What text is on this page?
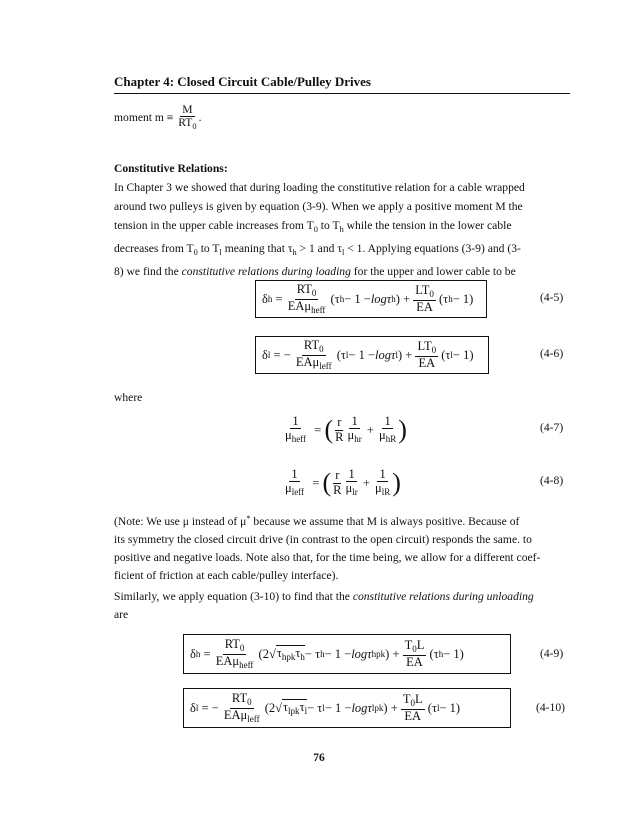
Chapter 4: Closed Circuit Cable/Pulley Drives
moment m ≡
$\frac{M}{RT_0}$ .
Constitutive Relations:
In Chapter 3 we showed that during loading the constitutive relation for a cable wrapped
around two pulleys is given by equation (3-9). When we apply a positive moment M the
tension in the upper cable increases from $T_0$ to $T_h$ while the tension in the lower cable
decreases from $T_0$ to $T_l$ meaning that $\tau_h > 1$ and $\tau_l < 1$. Applying equations (3-9) and (3-
8) we find the constitutive relations during loading for the upper and lower cable to be
δ h
=
$\frac{RT_0}{EA\mu_{heff}}$
(τ h − 1 − logτ h ) +
$\frac{LT_0}{EA}$
(τ h − 1)	(4-5)
δ l
= −
$\frac{RT_0}{EA\mu_{leff}}$
(τ l − 1 − logτ l ) +
$\frac{LT_0}{EA}$
(τ l − 1)	(4-6)
where
$\frac{1}{\mu_{heff}}$
=
( $\frac{r}{R} \frac{1}{\mu_{hr}}$
+
$\frac{1}{\mu_{hR}}$ )	(4-7)
$\frac{1}{\mu_{leff}}$
=
( $\frac{r}{R} \frac{1}{\mu_{lr}}$
+
$\frac{1}{\mu_{lR}}$ )	(4-8)
(Note: We use μ instead of μ* because we assume that M is always positive. Because of
its symmetry the closed circuit drive (in contrast to the open circuit) responds the same. to
positive and negative loads. Note also that, for the time being, we allow for a different coef-
ficient of friction at each cable/pulley interface).
Similarly, we apply equation (3-10) to find that the constitutive relations during unloading
are
δ h
=
$\frac{RT_0}{EA\mu_{heff}}$
(2 √ $\tau_{hpk}\tau_h - \tau$ h − 1 − logτ hpk ) +
$\frac{T_0L}{EA}$
(τ h − 1)	(4-9)
δ l
= −
$\frac{RT_0}{EA\mu_{leff}}$
(2 √ $\tau_{lpk}\tau_l - \tau$ l − 1 − logτ lpk ) +
$\frac{T_0L}{EA}$
(τ l − 1)	(4-10)
76
